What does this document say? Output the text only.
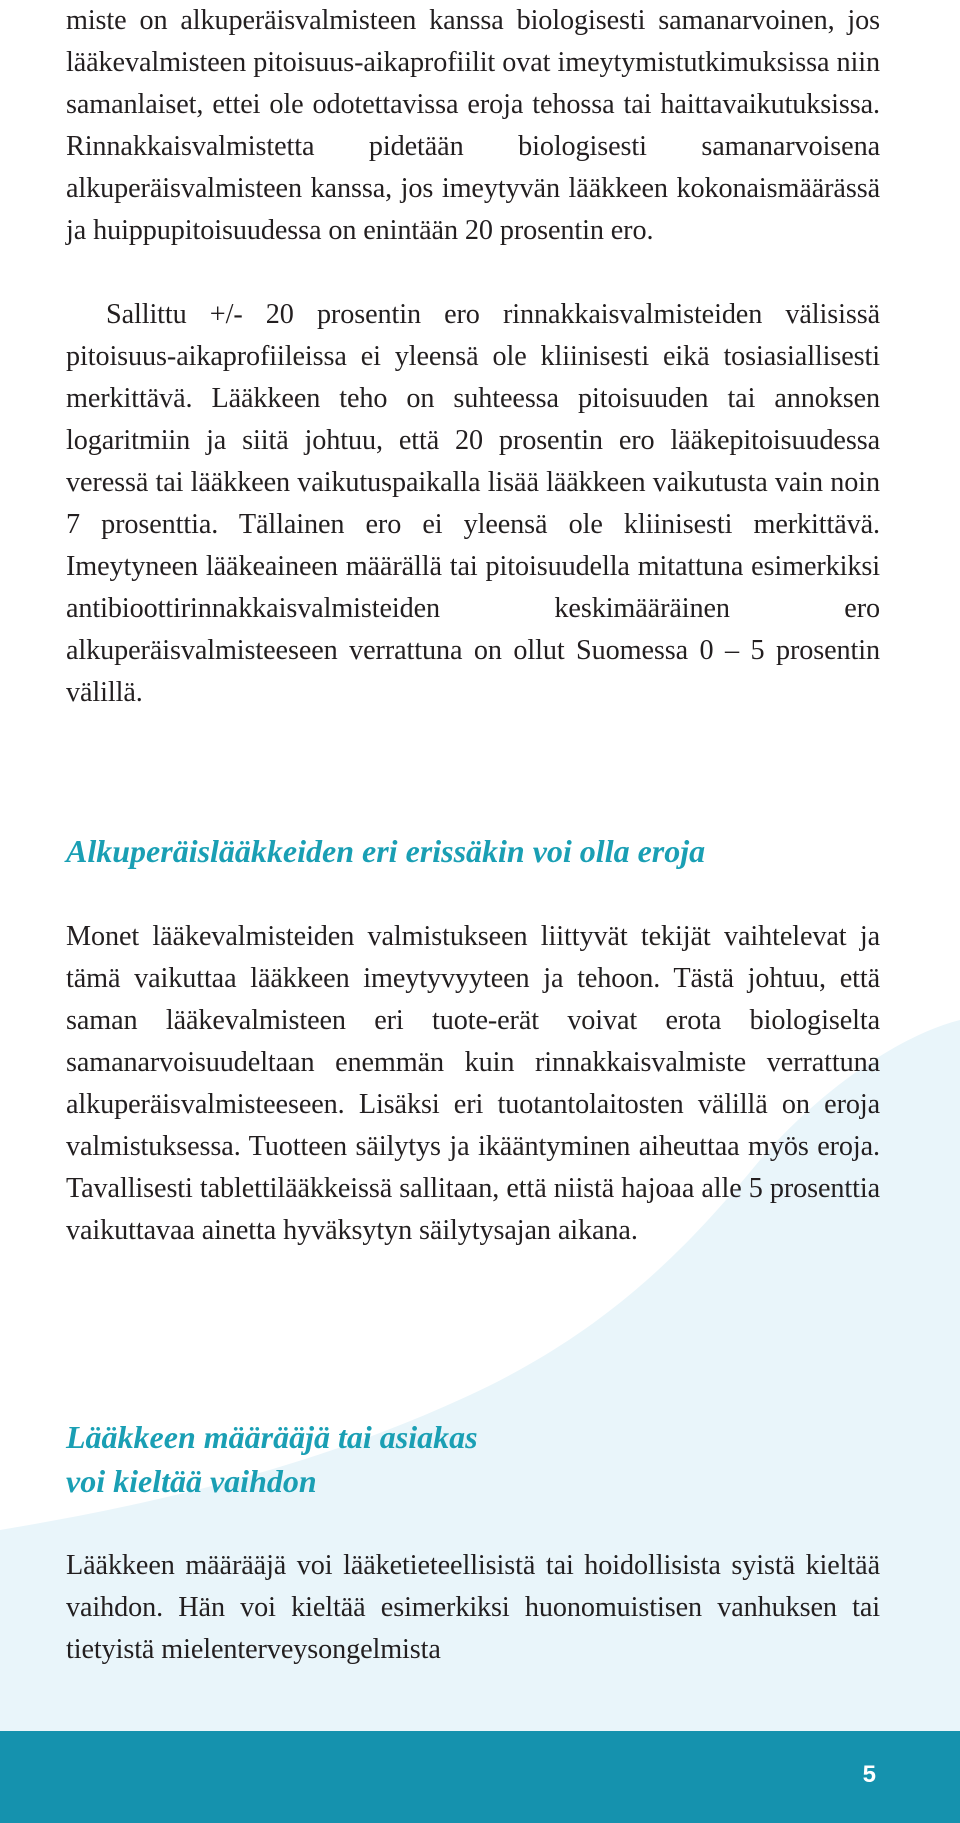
miste on alkuperäisvalmisteen kanssa biologisesti samanarvoinen, jos lääkevalmisteen pitoisuus-aikaprofiilit ovat imeytymistutkimuksissa niin samanlaiset, ettei ole odotettavissa eroja tehossa tai haittavaikutuksissa. Rinnakkaisvalmistetta pidetään biologisesti samanarvoisena alkuperäisvalmisteen kanssa, jos imeytyvän lääkkeen kokonaismäärässä ja huippupitoisuudessa on enintään 20 prosentin ero.

Sallittu +/- 20 prosentin ero rinnakkaisvalmisteiden välisissä pitoisuus-aikaprofiileissa ei yleensä ole kliinisesti eikä tosiasiallisesti merkittävä. Lääkkeen teho on suhteessa pitoisuuden tai annoksen logaritmiin ja siitä johtuu, että 20 prosentin ero lääkepitoisuudessa veressä tai lääkkeen vaikutuspaikalla lisää lääkkeen vaikutusta vain noin 7 prosenttia. Tällainen ero ei yleensä ole kliinisesti merkittävä. Imeytyneen lääkeaineen määrällä tai pitoisuudella mitattuna esimerkiksi antibioottirinnakkaisvalmisteiden keskimääräinen ero alkuperäisvalmisteeseen verrattuna on ollut Suomessa 0 – 5 prosentin välillä.

Alkuperäislääkkeiden eri erissäkin voi olla eroja

Monet lääkevalmisteiden valmistukseen liittyvät tekijät vaihtelevat ja tämä vaikuttaa lääkkeen imeytyvyyteen ja tehoon. Tästä johtuu, että saman lääkevalmisteen eri tuote-erät voivat erota biologiselta samanarvoisuudeltaan enemmän kuin rinnakkaisvalmiste verrattuna alkuperäisvalmisteeseen. Lisäksi eri tuotantolaitosten välillä on eroja valmistuksessa. Tuotteen säilytys ja ikääntyminen aiheuttaa myös eroja. Tavallisesti tablettilääkkeissä sallitaan, että niistä hajoaa alle 5 prosenttia vaikuttavaa ainetta hyväksytyn säilytysajan aikana.

Lääkkeen määrääjä tai asiakas
voi kieltää vaihdon

Lääkkeen määrääjä voi lääketieteellisistä tai hoidollisista syistä kieltää vaihdon. Hän voi kieltää esimerkiksi huonomuistisen vanhuksen tai tietyistä mielenterveysongelmista

5
